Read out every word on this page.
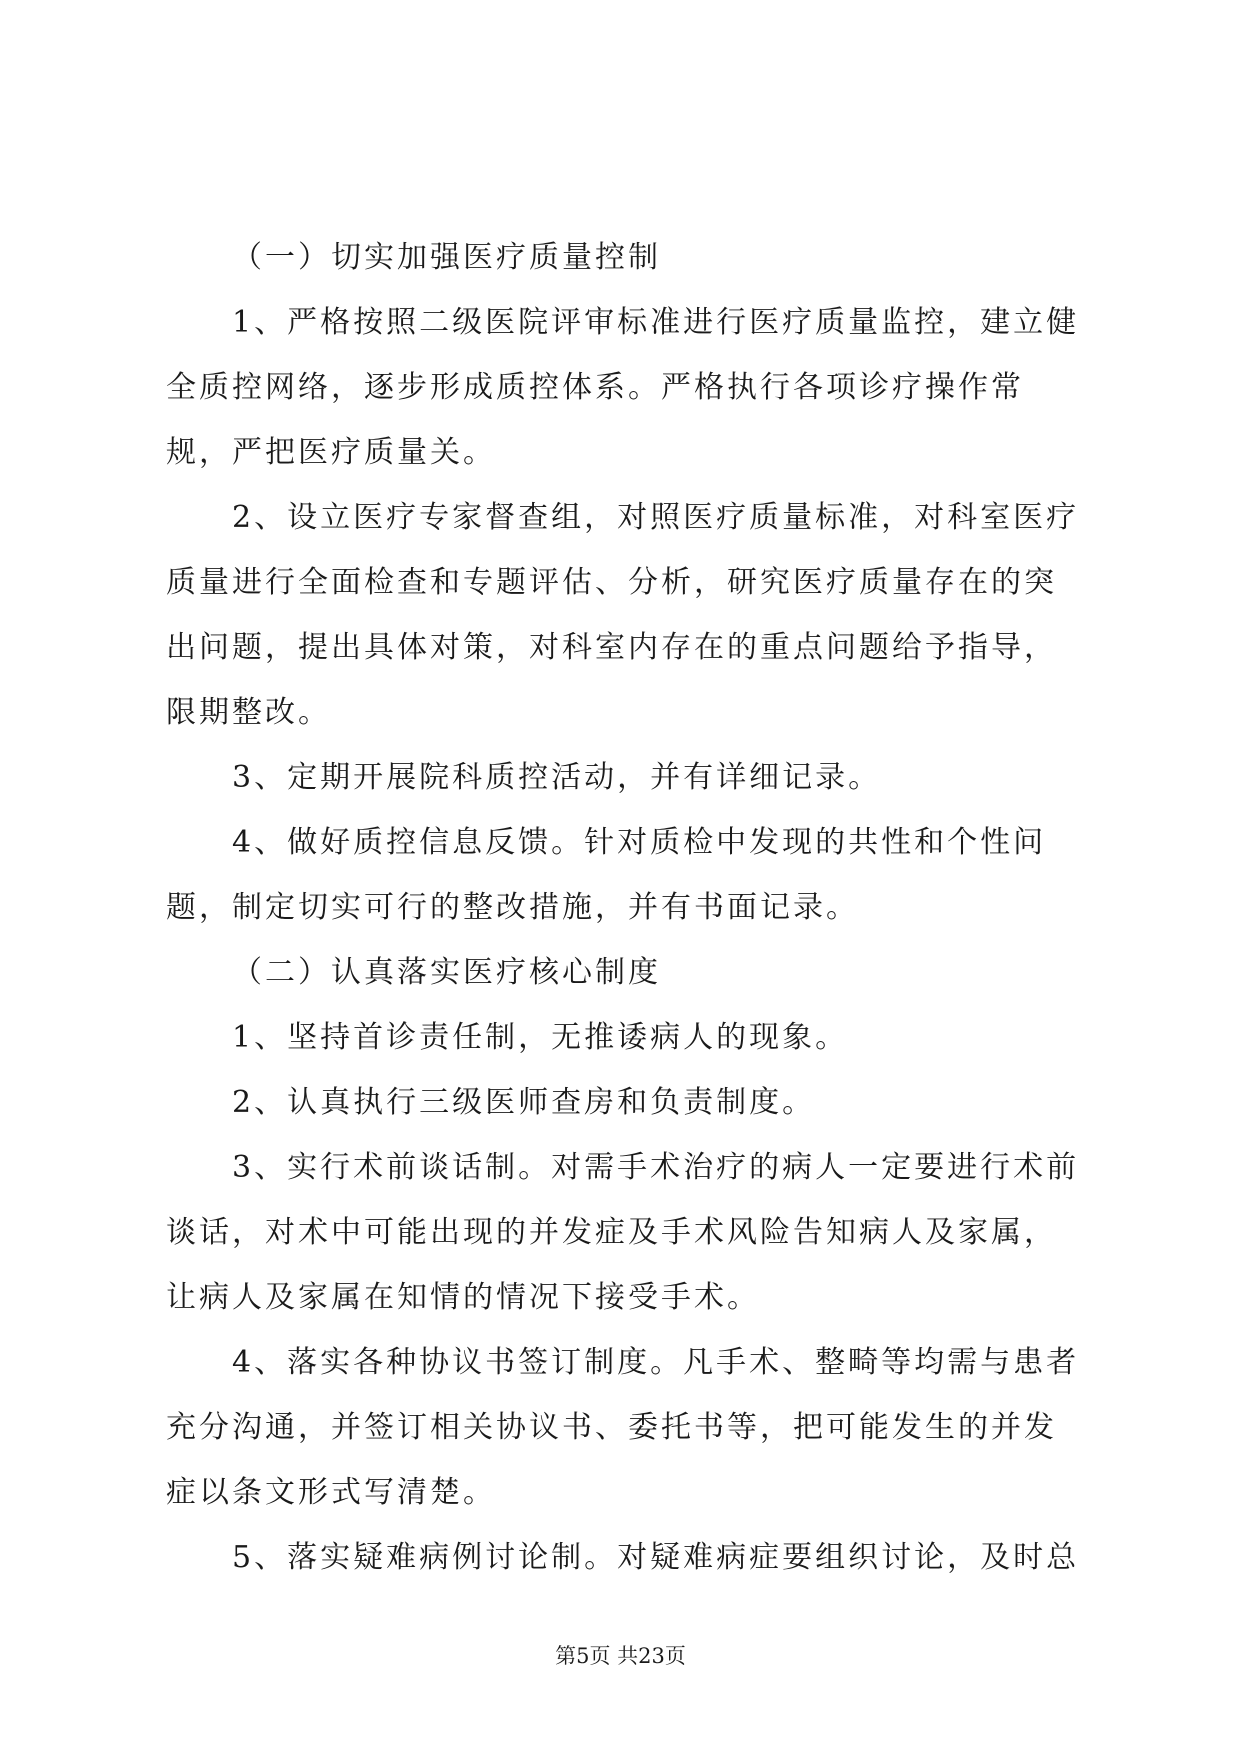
（一）切实加强医疗质量控制

1、严格按照二级医院评审标准进行医疗质量监控，建立健全质控网络，逐步形成质控体系。严格执行各项诊疗操作常规，严把医疗质量关。

2、设立医疗专家督查组，对照医疗质量标准，对科室医疗质量进行全面检查和专题评估、分析，研究医疗质量存在的突出问题，提出具体对策，对科室内存在的重点问题给予指导，限期整改。

3、定期开展院科质控活动，并有详细记录。

4、做好质控信息反馈。针对质检中发现的共性和个性问题，制定切实可行的整改措施，并有书面记录。

（二）认真落实医疗核心制度

1、坚持首诊责任制，无推诿病人的现象。

2、认真执行三级医师查房和负责制度。

3、实行术前谈话制。对需手术治疗的病人一定要进行术前谈话，对术中可能出现的并发症及手术风险告知病人及家属，让病人及家属在知情的情况下接受手术。

4、落实各种协议书签订制度。凡手术、整畸等均需与患者充分沟通，并签订相关协议书、委托书等，把可能发生的并发症以条文形式写清楚。

5、落实疑难病例讨论制。对疑难病症要组织讨论，及时总

第5页 共23页
